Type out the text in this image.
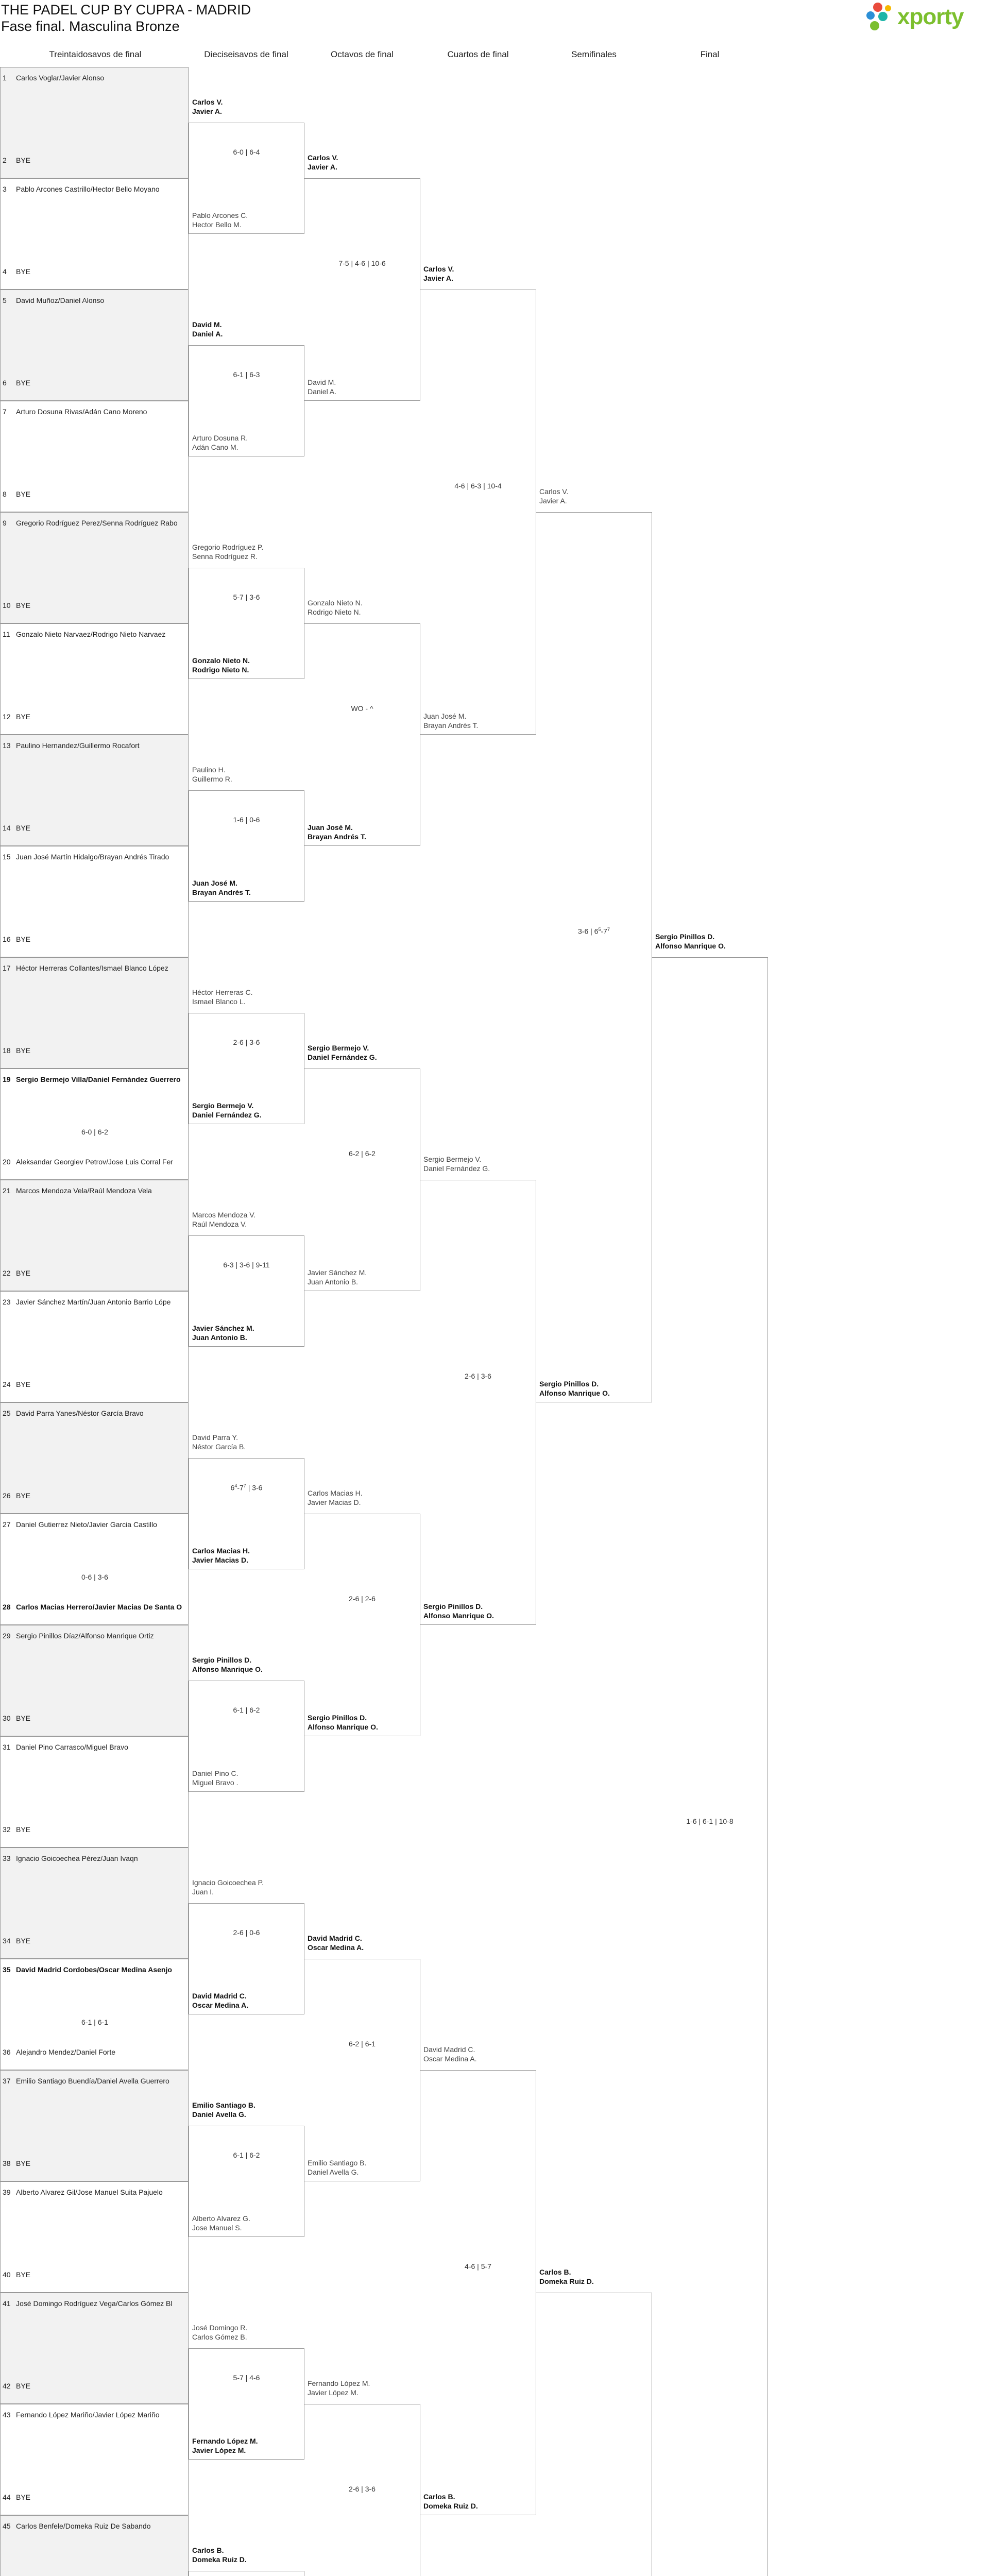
THE PADEL CUP BY CUPRA - MADRID
Fase final. Masculina Bronze	xporty
Treintaidosavos de final	Dieciseisavos de final	Octavos de final	Cuartos de final	Semifinales	Final
1 Carlos Voglar/Javier Alonso
2 BYE
3 Pablo Arcones Castrillo/Hector Bello Moyano
4 BYE
5 David Muñoz/Daniel Alonso
6 BYE
7 Arturo Dosuna Rivas/Adán Cano Moreno
8 BYE
9 Gregorio Rodríguez Perez/Senna Rodríguez Rabo
10 BYE
11 Gonzalo Nieto Narvaez/Rodrigo Nieto Narvaez
12 BYE
13 Paulino Hernandez/Guillermo Rocafort
14 BYE
15 Juan José Martín Hidalgo/Brayan Andrés Tirado
16 BYE
17 Héctor Herreras Collantes/Ismael Blanco López
18 BYE
19 Sergio Bermejo Villa/Daniel Fernández Guerrero
20 Aleksandar Georgiev Petrov/Jose Luis Corral Fer
6-0 | 6-2
21 Marcos Mendoza Vela/Raúl Mendoza Vela
22 BYE
23 Javier Sánchez Martín/Juan Antonio Barrio Lópe
24 BYE
25 David Parra Yanes/Néstor García Bravo
26 BYE
27 Daniel Gutierrez Nieto/Javier Garcia Castillo
28 Carlos Macias Herrero/Javier Macias De Santa O
0-6 | 3-6
29 Sergio Pinillos Díaz/Alfonso Manrique Ortiz
30 BYE
31 Daniel Pino Carrasco/Miguel Bravo
32 BYE
33 Ignacio Goicoechea Pérez/Juan Ivaqn
34 BYE
35 David Madrid Cordobes/Oscar Medina Asenjo
36 Alejandro Mendez/Daniel Forte
6-1 | 6-1
37 Emilio Santiago Buendía/Daniel Avella Guerrero
38 BYE
39 Alberto Alvarez Gil/Jose Manuel Suita Pajuelo
40 BYE
41 José Domingo Rodríguez Vega/Carlos Gómez Bl
42 BYE
43 Fernando López Mariño/Javier López Mariño
44 BYE
45 Carlos Benfele/Domeka Ruiz De Sabando
Carlos V.
Javier A.
Pablo Arcones C.
Hector Bello M.
6-0 | 6-4
David M.
Daniel A.
Arturo Dosuna R.
Adán Cano M.
6-1 | 6-3
Gregorio Rodríguez P.
Senna Rodríguez R.
Gonzalo Nieto N.
Rodrigo Nieto N.
5-7 | 3-6
Paulino H.
Guillermo R.
Juan José M.
Brayan Andrés T.
1-6 | 0-6
Héctor Herreras C.
Ismael Blanco L.
Sergio Bermejo V.
Daniel Fernández G.
2-6 | 3-6
Marcos Mendoza V.
Raúl Mendoza V.
Javier Sánchez M.
Juan Antonio B.
6-3 | 3-6 | 9-11
David Parra Y.
Néstor García B.
Carlos Macias H.
Javier Macias D.
$6^4-7^7$ | 3-6
Sergio Pinillos D.
Alfonso Manrique O.
Daniel Pino C.
Miguel Bravo .
6-1 | 6-2
Ignacio Goicoechea P.
Juan I.
David Madrid C.
Oscar Medina A.
2-6 | 0-6
Emilio Santiago B.
Daniel Avella G.
Alberto Alvarez G.
Jose Manuel S.
6-1 | 6-2
José Domingo R.
Carlos Gómez B.
Fernando López M.
Javier López M.
5-7 | 4-6
Carlos B.
Domeka Ruiz D.
Carlos V.
Javier A.
David M.
Daniel A.
7-5 | 4-6 | 10-6
Gonzalo Nieto N.
Rodrigo Nieto N.
Juan José M.
Brayan Andrés T.
WO - ^
Sergio Bermejo V.
Daniel Fernández G.
Javier Sánchez M.
Juan Antonio B.
6-2 | 6-2
Carlos Macias H.
Javier Macias D.
Sergio Pinillos D.
Alfonso Manrique O.
2-6 | 2-6
David Madrid C.
Oscar Medina A.
Emilio Santiago B.
Daniel Avella G.
6-2 | 6-1
Fernando López M.
Javier López M.
2-6 | 3-6
Carlos V.
Javier A.
Juan José M.
Brayan Andrés T.
4-6 | 6-3 | 10-4
Sergio Bermejo V.
Daniel Fernández G.
Sergio Pinillos D.
Alfonso Manrique O.
2-6 | 3-6
David Madrid C.
Oscar Medina A.
Carlos B.
Domeka Ruiz D.
4-6 | 5-7
Carlos V.
Javier A.
Sergio Pinillos D.
Alfonso Manrique O.
3-6 | $6^5-7^7$
Carlos B.
Domeka Ruiz D.
Sergio Pinillos D.
Alfonso Manrique O.
1-6 | 6-1 | 10-8
